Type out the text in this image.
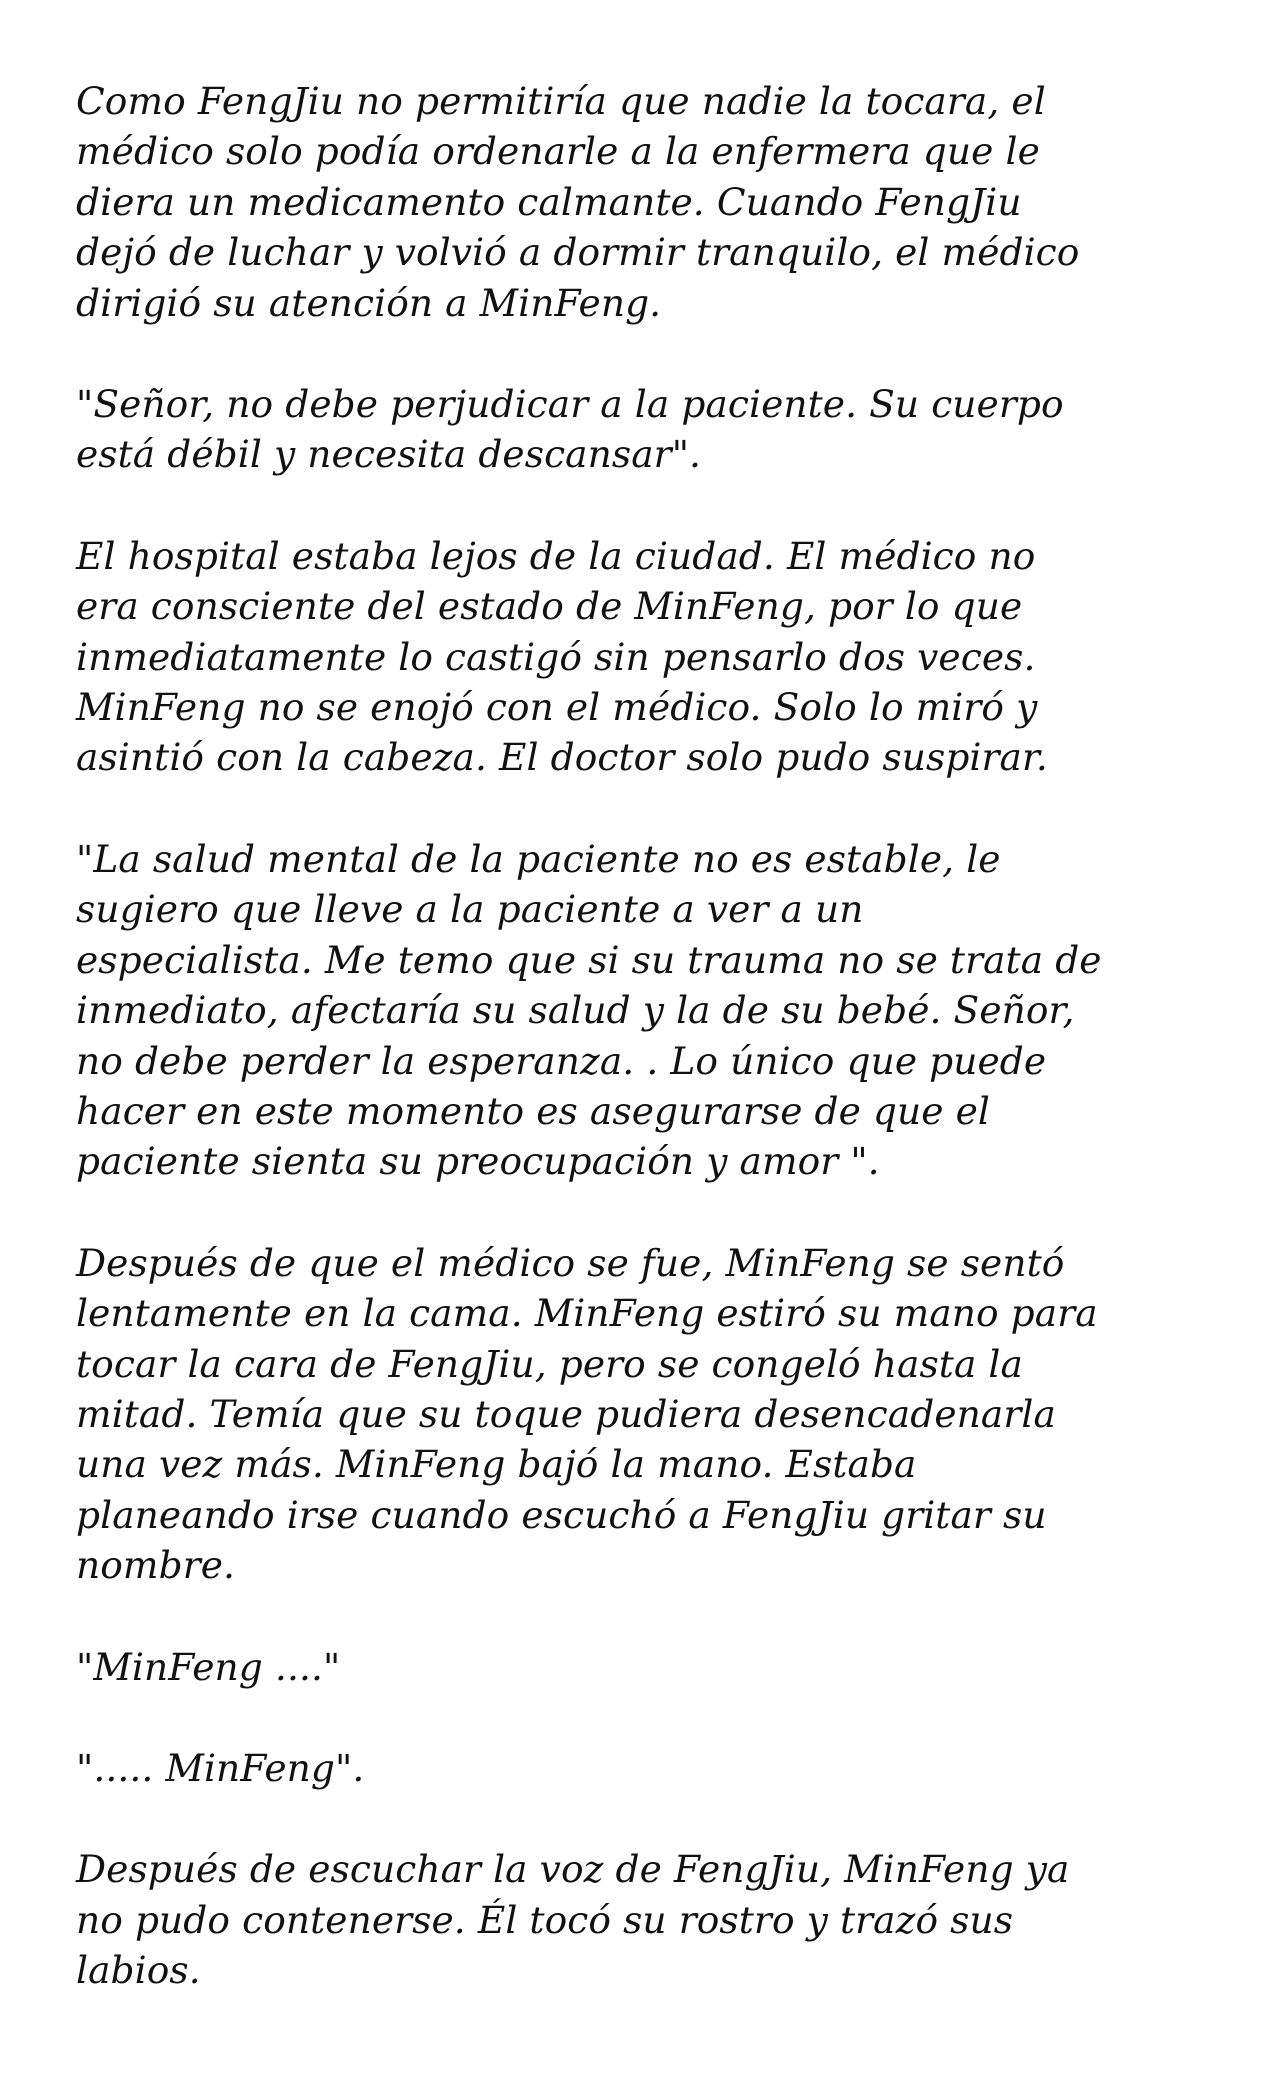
Como FengJiu no permitiría que nadie la tocara, el
médico solo podía ordenarle a la enfermera que le
diera un medicamento calmante. Cuando FengJiu
dejó de luchar y volvió a dormir tranquilo, el médico
dirigió su atención a MinFeng.

"Señor, no debe perjudicar a la paciente. Su cuerpo
está débil y necesita descansar".

El hospital estaba lejos de la ciudad. El médico no
era consciente del estado de MinFeng, por lo que
inmediatamente lo castigó sin pensarlo dos veces.
MinFeng no se enojó con el médico. Solo lo miró y
asintió con la cabeza. El doctor solo pudo suspirar.

"La salud mental de la paciente no es estable, le
sugiero que lleve a la paciente a ver a un
especialista. Me temo que si su trauma no se trata de
inmediato, afectaría su salud y la de su bebé. Señor,
no debe perder la esperanza. . Lo único que puede
hacer en este momento es asegurarse de que el
paciente sienta su preocupación y amor ".

Después de que el médico se fue, MinFeng se sentó
lentamente en la cama. MinFeng estiró su mano para
tocar la cara de FengJiu, pero se congeló hasta la
mitad. Temía que su toque pudiera desencadenarla
una vez más. MinFeng bajó la mano. Estaba
planeando irse cuando escuchó a FengJiu gritar su
nombre.

"MinFeng ...."

"..... MinFeng".

Después de escuchar la voz de FengJiu, MinFeng ya
no pudo contenerse. Él tocó su rostro y trazó sus
labios.
